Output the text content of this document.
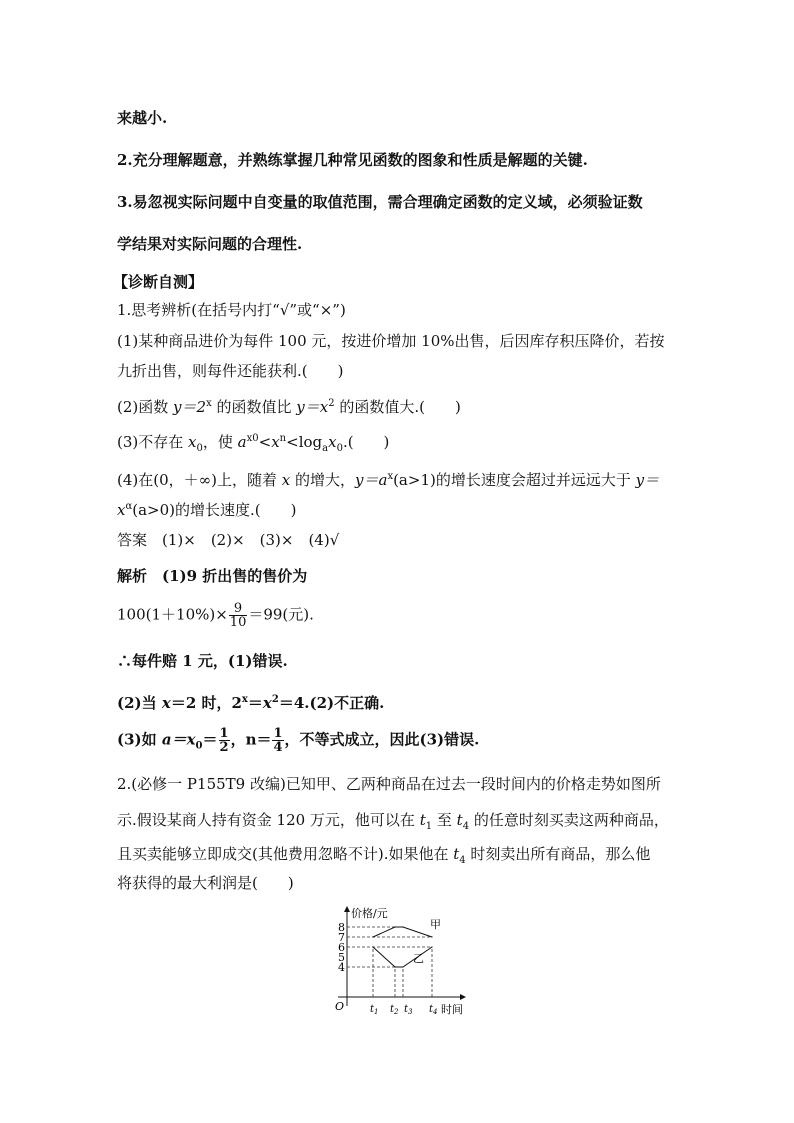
来越小.
2.充分理解题意，并熟练掌握几种常见函数的图象和性质是解题的关键.
3.易忽视实际问题中自变量的取值范围，需合理确定函数的定义域，必须验证数
学结果对实际问题的合理性.
【诊断自测】
1.思考辨析(在括号内打“√”或“×”)
(1)某种商品进价为每件 100 元，按进价增加 10%出售，后因库存积压降价，若按
九折出售，则每件还能获利.(　　)
(2)函数 $y=2^x$ 的函数值比 $y=x^2$ 的函数值大.(　　)
(3)不存在 $x_0$，使 $a^{x0}<x^n<\log_ax_0$.(　　)
(4)在(0，＋∞)上，随着 x 的增大，$y=a^x(a>1)$的增长速度会超过并远远大于 y＝
$x^\alpha(a>0)$的增长速度.(　　)
答案　(1)×　(2)×　(3)×　(4)√
解析　(1)9 折出售的售价为
$100(1+10\%)\times \frac{9}{10} =99$(元).
∴每件赔 1 元，(1)错误.
(2)当 x＝2 时，$2^x=x^2=4.(2)$不正确.
(3)如 $a=x_0= \frac{1}{2}$ ，$n= \frac{1}{4}$ ，不等式成立，因此(3)错误.
2.(必修一 P155T9 改编)已知甲、乙两种商品在过去一段时间内的价格走势如图所
示.假设某商人持有资金 120 万元，他可以在 $t_1$ 至 $t_4$ 的任意时刻买卖这两种商品，
且买卖能够立即成交(其他费用忽略不计).如果他在 $t_4$ 时刻卖出所有商品，那么他
将获得的最大利润是(　　)
价格/元
时间
O
8
7
6
5
4
$t_1$ $t_2$ $t_3$ $t_4$
甲
乙
